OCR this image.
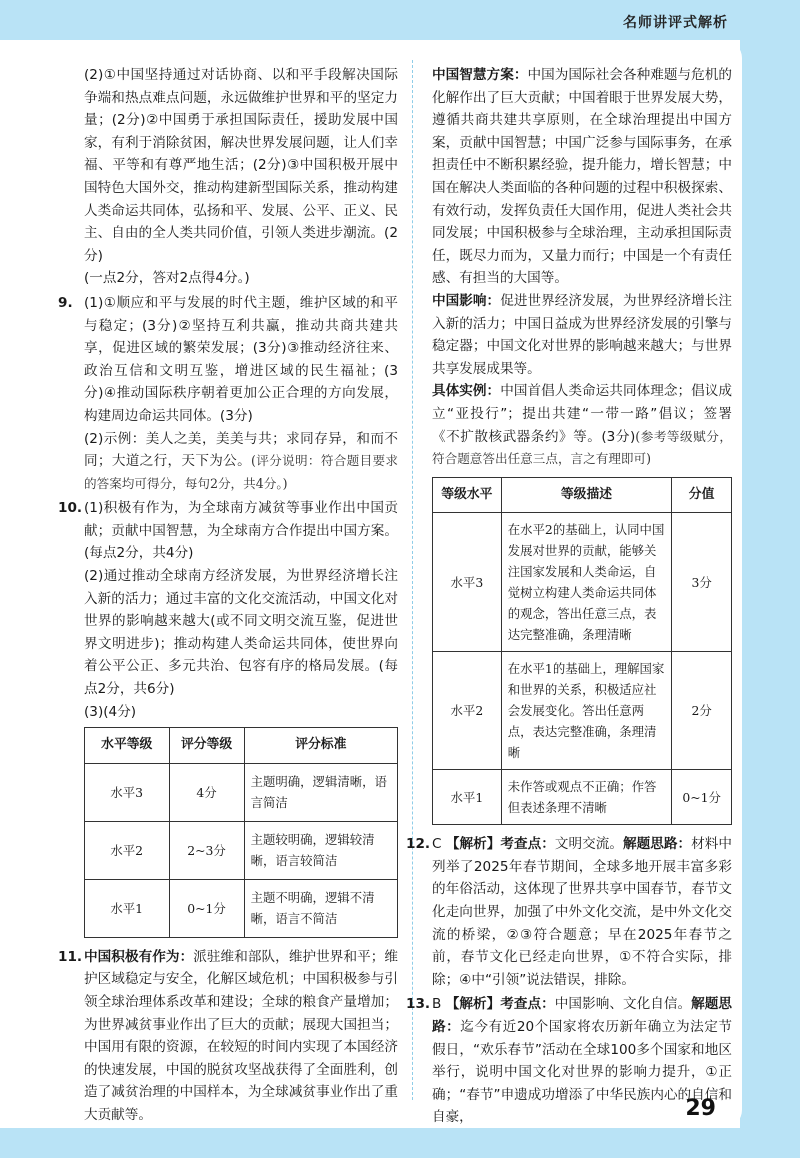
名师讲评式解析

(2)①中国坚持通过对话协商、以和平手段解决国际争端和热点难点问题，永远做维护世界和平的坚定力量；(2分)②中国勇于承担国际责任，援助发展中国家，有利于消除贫困，解决世界发展问题，让人们幸福、平等和有尊严地生活；(2分)③中国积极开展中国特色大国外交，推动构建新型国际关系，推动构建人类命运共同体，弘扬和平、发展、公平、正义、民主、自由的全人类共同价值，引领人类进步潮流。(2分)

(一点2分，答对2点得4分。)

9. (1)①顺应和平与发展的时代主题，维护区域的和平与稳定；(3分)②坚持互利共赢，推动共商共建共享，促进区域的繁荣发展；(3分)③推动经济往来、政治互信和文明互鉴，增进区域的民生福祉；(3分)④推动国际秩序朝着更加公正合理的方向发展，构建周边命运共同体。(3分)

(2)示例：美人之美，美美与共；求同存异，和而不同；大道之行，天下为公。(评分说明：符合题目要求的答案均可得分，每句2分，共4分。)

10. (1)积极有作为，为全球南方减贫等事业作出中国贡献；贡献中国智慧，为全球南方合作提出中国方案。(每点2分，共4分)

(2)通过推动全球南方经济发展，为世界经济增长注入新的活力；通过丰富的文化交流活动，中国文化对世界的影响越来越大(或不同文明交流互鉴，促进世界文明进步)；推动构建人类命运共同体，使世界向着公平公正、多元共治、包容有序的格局发展。(每点2分，共6分)

(3)(4分)

水平等级	评分等级	评分标准
水平3	4分	主题明确，逻辑清晰，语言简洁
水平2	2~3分	主题较明确，逻辑较清晰，语言较简洁
水平1	0~1分	主题不明确，逻辑不清晰，语言不简洁
11. 中国积极有作为：派驻维和部队，维护世界和平；维护区域稳定与安全，化解区域危机；中国积极参与引领全球治理体系改革和建设；全球的粮食产量增加；为世界减贫事业作出了巨大的贡献；展现大国担当；中国用有限的资源，在较短的时间内实现了本国经济的快速发展，中国的脱贫攻坚战获得了全面胜利，创造了减贫治理的中国样本，为全球减贫事业作出了重大贡献等。

中国智慧方案：中国为国际社会各种难题与危机的化解作出了巨大贡献；中国着眼于世界发展大势，遵循共商共建共享原则，在全球治理提出中国方案，贡献中国智慧；中国广泛参与国际事务，在承担责任中不断积累经验，提升能力，增长智慧；中国在解决人类面临的各种问题的过程中积极探索、有效行动，发挥负责任大国作用，促进人类社会共同发展；中国积极参与全球治理，主动承担国际责任，既尽力而为，又量力而行；中国是一个有责任感、有担当的大国等。

中国影响：促进世界经济发展，为世界经济增长注入新的活力；中国日益成为世界经济发展的引擎与稳定器；中国文化对世界的影响越来越大；与世界共享发展成果等。

具体实例：中国首倡人类命运共同体理念；倡议成立“亚投行”；提出共建“一带一路”倡议；签署《不扩散核武器条约》等。(3分)(参考等级赋分，符合题意答出任意三点，言之有理即可)

等级水平	等级描述	分值
水平3	在水平2的基础上，认同中国发展对世界的贡献，能够关注国家发展和人类命运，自觉树立构建人类命运共同体的观念，答出任意三点，表达完整准确，条理清晰	3分
水平2	在水平1的基础上，理解国家和世界的关系，积极适应社会发展变化。答出任意两点，表达完整准确，条理清晰	2分
水平1	未作答或观点不正确；作答但表述条理不清晰	0~1分
12. C 【解析】考查点：文明交流。解题思路：材料中列举了2025年春节期间，全球多地开展丰富多彩的年俗活动，这体现了世界共享中国春节，春节文化走向世界，加强了中外文化交流，是中外文化交流的桥梁，②③符合题意；早在2025年春节之前，春节文化已经走向世界，①不符合实际，排除；④中“引领”说法错误，排除。

13. B 【解析】考查点：中国影响、文化自信。解题思路：迄今有近20个国家将农历新年确立为法定节假日，“欢乐春节”活动在全球100多个国家和地区举行，说明中国文化对世界的影响力提升，①正确；“春节”申遗成功增添了中华民族内心的自信和自豪，	29
